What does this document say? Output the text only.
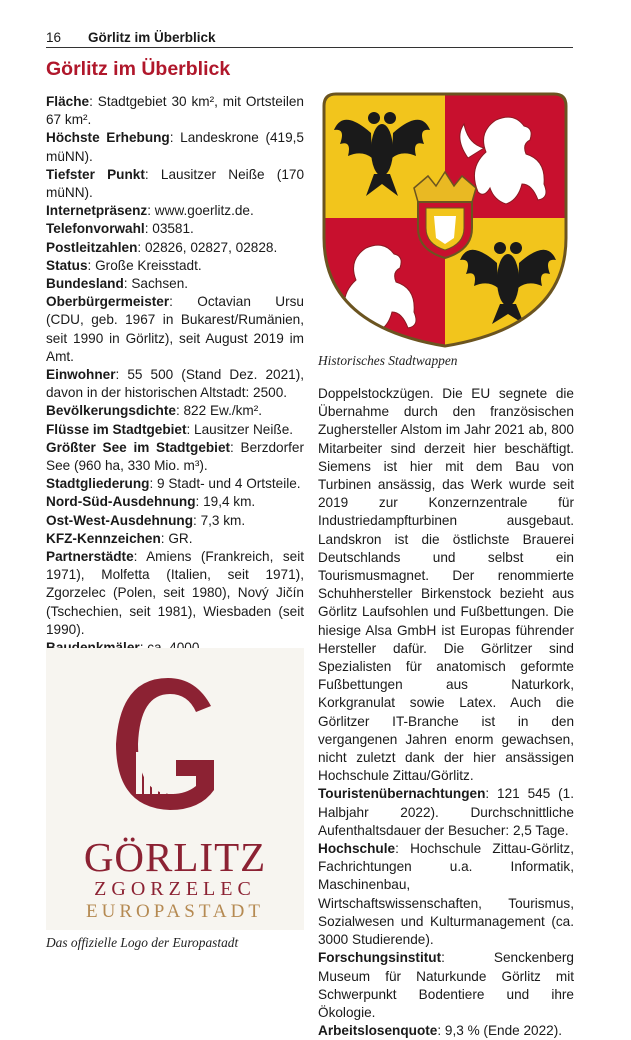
16 Görlitz im Überblick
Görlitz im Überblick

Fläche: Stadtgebiet 30 km², mit Ortsteilen 67 km².

Höchste Erhebung: Landeskrone (419,5 müNN).

Tiefster Punkt: Lausitzer Neiße (170 müNN).

Internetpräsenz: www.goerlitz.de.

Telefonvorwahl: 03581.

Postleitzahlen: 02826, 02827, 02828.

Status: Große Kreisstadt.

Bundesland: Sachsen.

Oberbürgermeister: Octavian Ursu (CDU, geb. 1967 in Bukarest/Rumänien, seit 1990 in Görlitz), seit August 2019 im Amt.

Einwohner: 55 500 (Stand Dez. 2021), davon in der historischen Altstadt: 2500.

Bevölkerungsdichte: 822 Ew./km².

Flüsse im Stadtgebiet: Lausitzer Neiße.

Größter See im Stadtgebiet: Berzdorfer See (960 ha, 330 Mio. m³).

Stadtgliederung: 9 Stadt- und 4 Ortsteile.

Nord-Süd-Ausdehnung: 19,4 km.

Ost-West-Ausdehnung: 7,3 km.

KFZ-Kennzeichen: GR.

Partnerstädte: Amiens (Frankreich, seit 1971), Molfetta (Italien, seit 1971), Zgorzelec (Polen, seit 1980), Nový Jičín (Tschechien, seit 1981), Wiesbaden (seit 1990).

Historisches Stadtwappen

Doppelstockzügen. Die EU segnete die Übernahme durch den französischen Zughersteller Alstom im Jahr 2021 ab, 800 Mitarbeiter sind derzeit hier beschäftigt. Siemens ist hier mit dem Bau von Turbinen ansässig, das Werk wurde seit 2019 zur Konzernzentrale für Industriedampfturbinen ausgebaut. Landskron ist die östlichste Brauerei Deutschlands und selbst ein Tourismusmagnet. Der renommierte Schuhhersteller Birkenstock bezieht aus Görlitz Laufsohlen und Fußbettungen. Die hiesige Alsa GmbH ist Europas führender Hersteller dafür. Die Görlitzer sind Spezialisten für anatomisch geformte Fußbettungen aus Naturkork, Korkgranulat sowie Latex. Auch die Görlitzer IT-Branche ist in den vergangenen Jahren enorm gewachsen, nicht zuletzt dank der hier ansässigen Hochschule Zittau/Görlitz.

Touristenübernachtungen: 121 545 (1. Halbjahr 2022). Durchschnittliche Aufenthaltsdauer der Besucher: 2,5 Tage.

Hochschule: Hochschule Zittau-Görlitz, Fachrichtungen u.a. Informatik, Maschinenbau, Wirtschaftswissenschaften, Tourismus, Sozialwesen und Kulturmanagement (ca. 3000 Studierende).

Forschungsinstitut: Senckenberg Museum für Naturkunde Görlitz mit Schwerpunkt Bodentiere und ihre Ökologie.

Arbeitslosenquote: 9,3 % (Ende 2022).

GÖRLITZ
ZGORZELEC
EUROPASTADT
Das offizielle Logo der Europastadt
